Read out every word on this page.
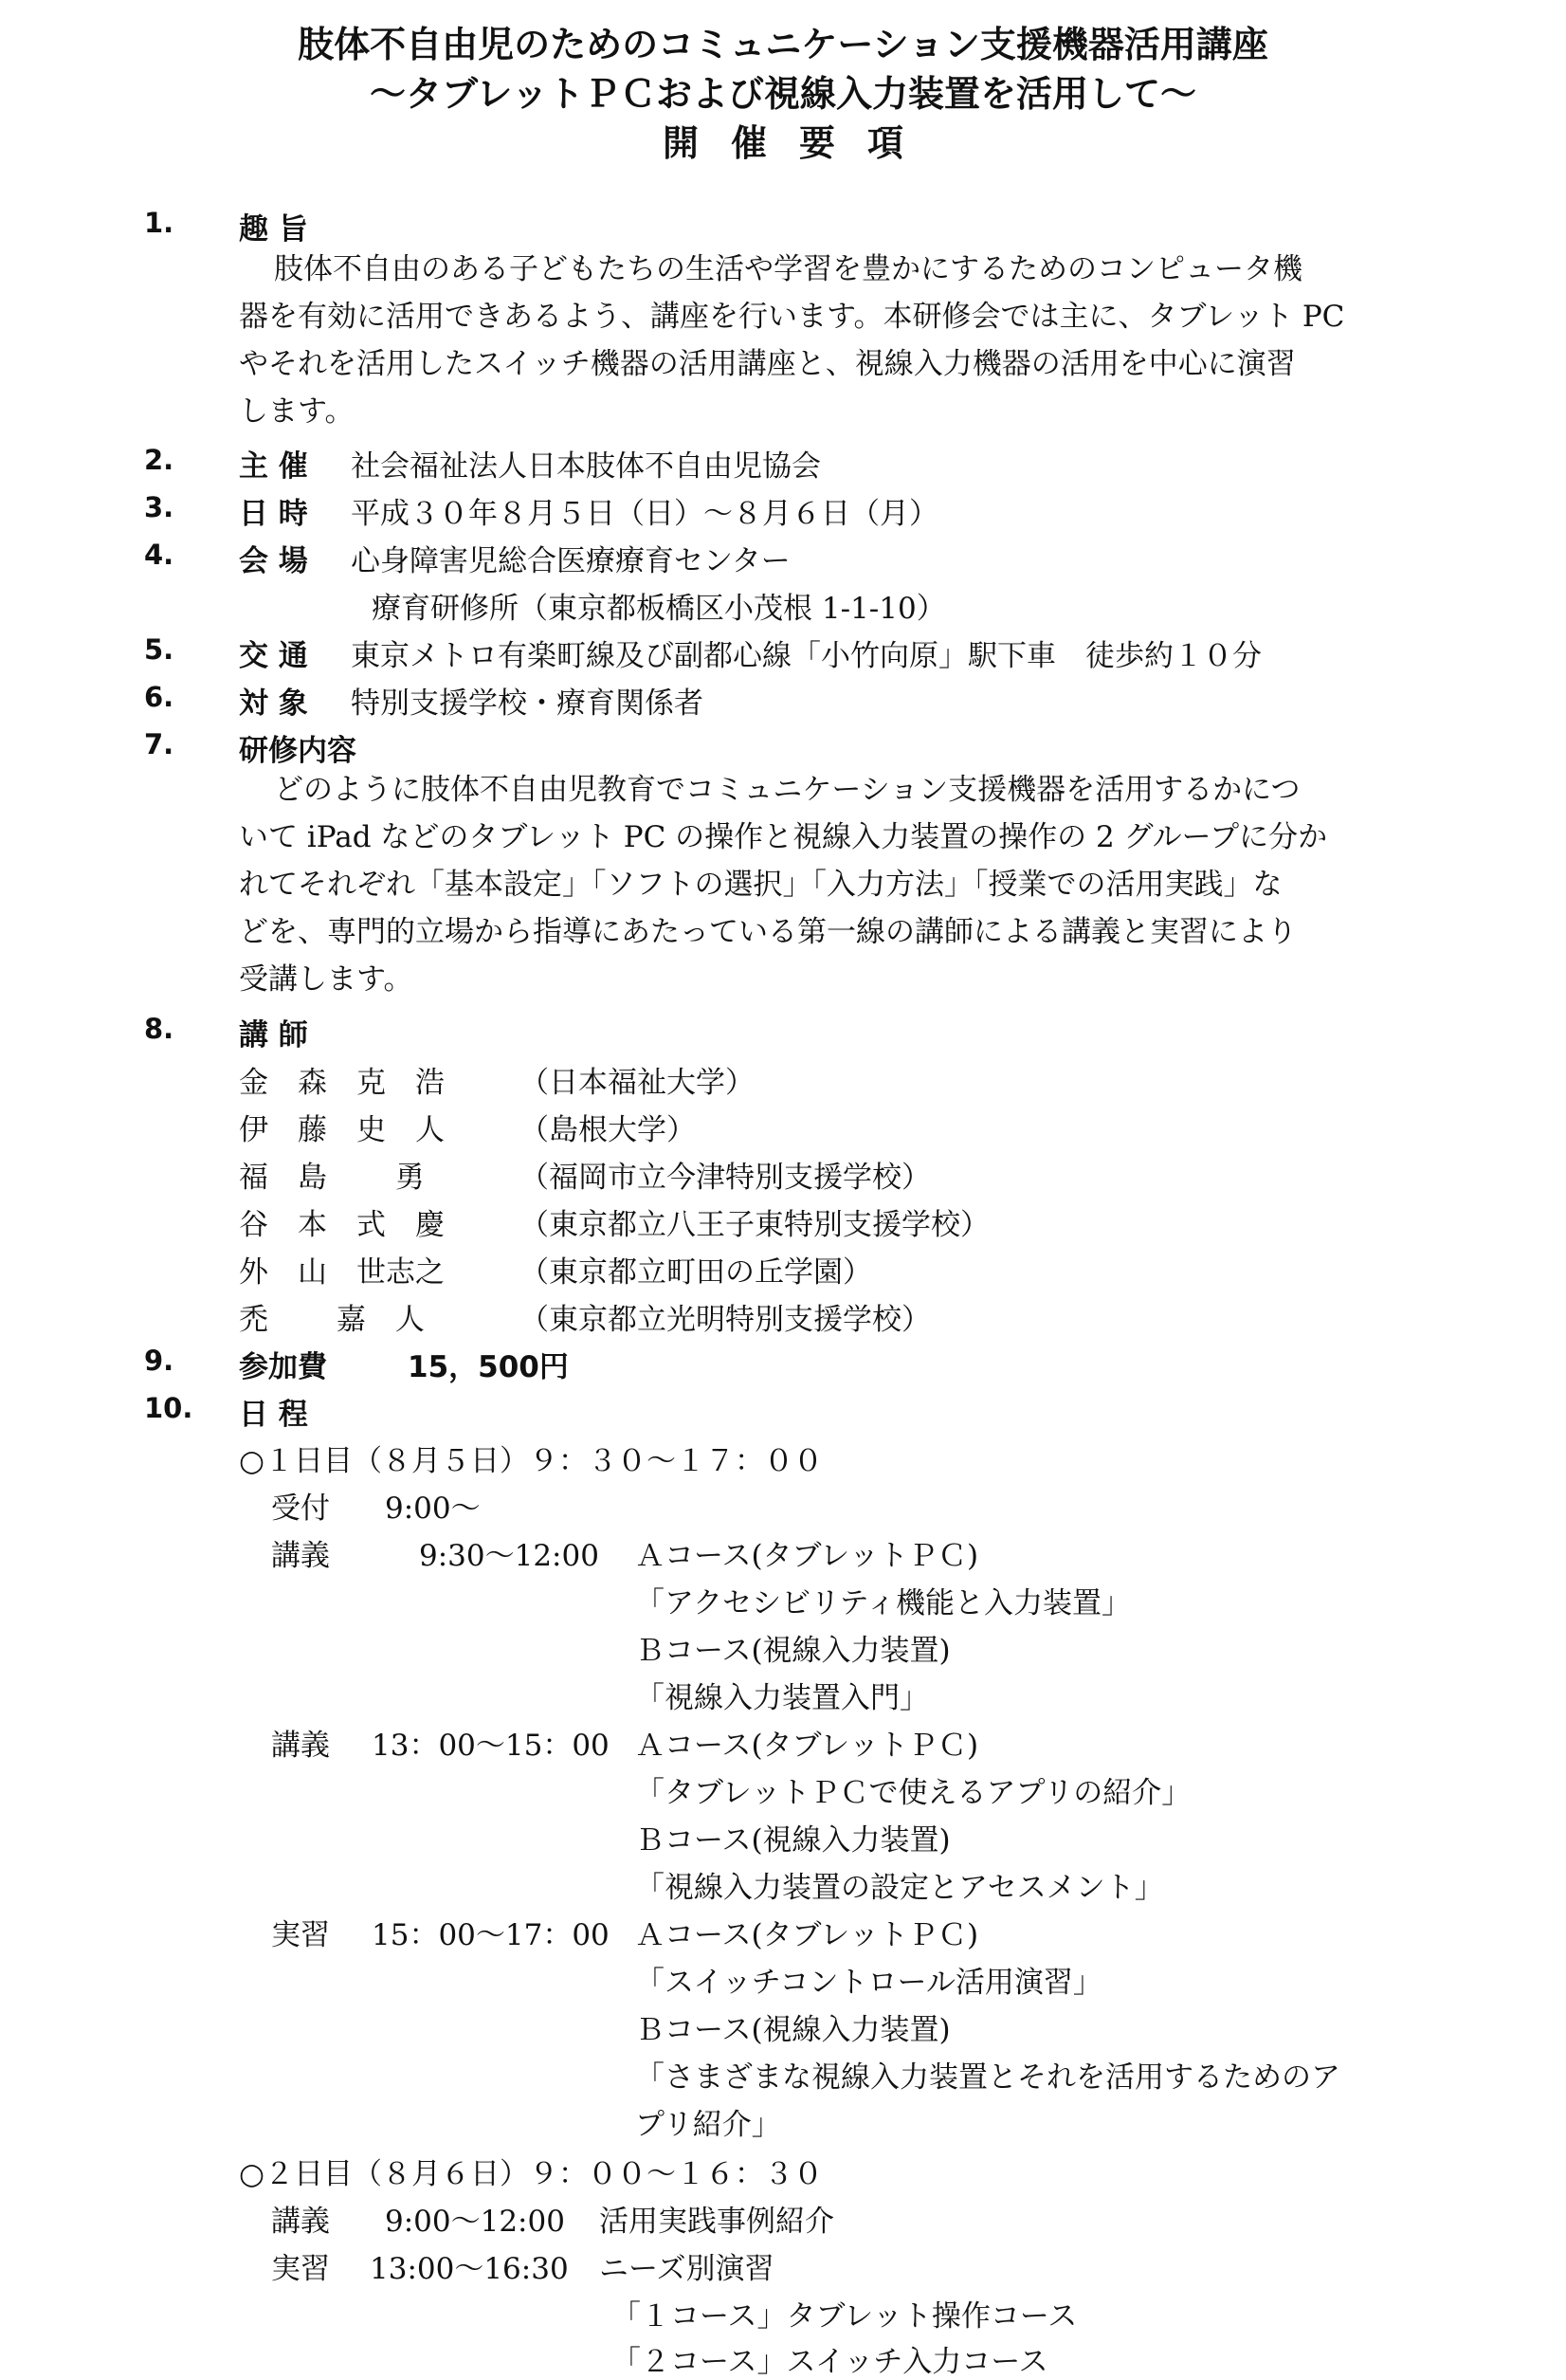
肢体不自由児のためのコミュニケーション支援機器活用講座
～タブレットＰＣおよび視線入力装置を活用して～
開催要項
1. 趣 旨
肢体不自由のある子どもたちの生活や学習を豊かにするためのコンピュータ機
器を有効に活用できあるよう、講座を行います。本研修会では主に、タブレット PC
やそれを活用したスイッチ機器の活用講座と、視線入力機器の活用を中心に演習
します。
2. 主 催 社会福祉法人日本肢体不自由児協会
3. 日 時 平成３０年８月５日（日）～８月６日（月）
4. 会 場 心身障害児総合医療療育センター
療育研修所（東京都板橋区小茂根 1-1-10）
5. 交 通 東京メトロ有楽町線及び副都心線「小竹向原」駅下車　徒歩約１０分
6. 対 象 特別支援学校・療育関係者
7. 研修内容
どのように肢体不自由児教育でコミュニケーション支援機器を活用するかにつ
いて iPad などのタブレット PC の操作と視線入力装置の操作の 2 グループに分か
れてそれぞれ「基本設定」「ソフトの選択」「入力方法」「授業での活用実践」な
どを、専門的立場から指導にあたっている第一線の講師による講義と実習により
受講します。
8. 講 師
金　森　克　浩	（日本福祉大学）
伊　藤　史　人	（島根大学）
福　島　　 勇	（福岡市立今津特別支援学校）
谷　本　式　慶	（東京都立八王子東特別支援学校）
外　山　世志之	（東京都立町田の丘学園）
禿　　 嘉　人	（東京都立光明特別支援学校）
9. 参加費	15，500円
10. 日 程
○１日目（８月５日）９：３０～１７：００
受付 9:00～
講義	9:30～12:00 Ａコース(タブレットＰＣ)
「アクセシビリティ機能と入力装置」
Ｂコース(視線入力装置)
「視線入力装置入門」
講義 13：00～15：00 Ａコース(タブレットＰＣ)
「タブレットＰＣで使えるアプリの紹介」
Ｂコース(視線入力装置)
「視線入力装置の設定とアセスメント」
実習 15：00～17：00 Ａコース(タブレットＰＣ)
「スイッチコントロール活用演習」
Ｂコース(視線入力装置)
「さまざまな視線入力装置とそれを活用するためのア
プリ紹介」
○２日目（８月６日）９：００～１６：３０
講義 9:00～12:00 活用実践事例紹介
実習 13:00～16:30 ニーズ別演習
「１コース」タブレット操作コース
「２コース」スイッチ入力コース
